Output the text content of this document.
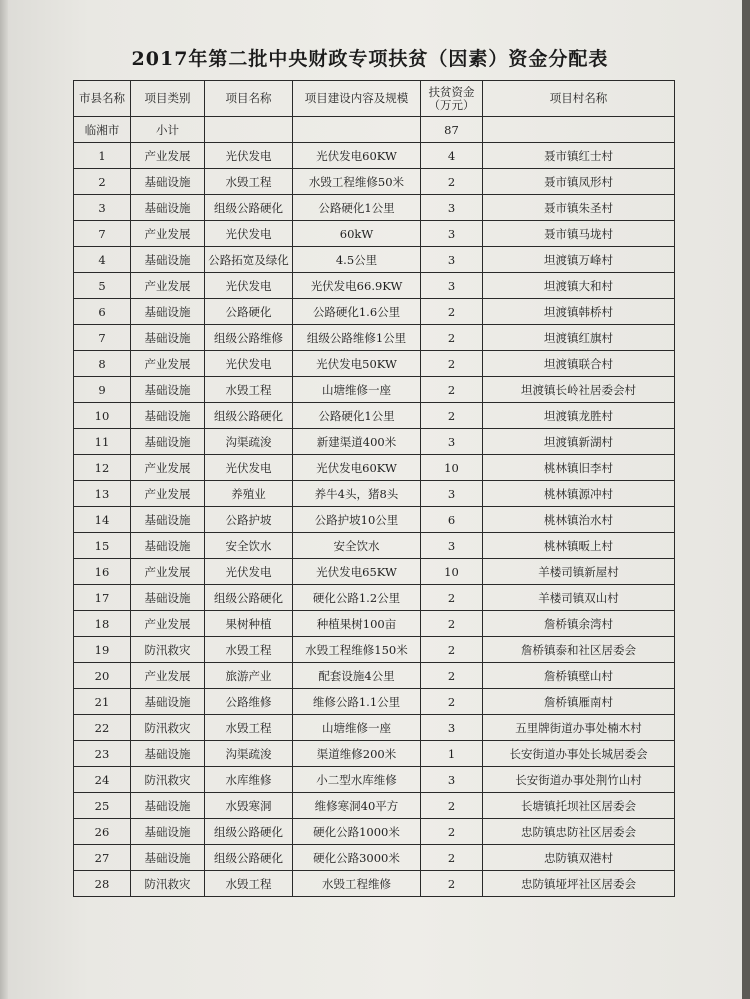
2017年第二批中央财政专项扶贫（因素）资金分配表
市县名称	项目类别	项目名称	项目建设内容及规模	扶贫资金（万元）	项目村名称
临湘市	小计			87	
1	产业发展	光伏发电	光伏发电60KW	4	聂市镇红士村
2	基础设施	水毁工程	水毁工程维修50米	2	聂市镇凤形村
3	基础设施	组级公路硬化	公路硬化1公里	3	聂市镇朱圣村
7	产业发展	光伏发电	60kW	3	聂市镇马垅村
4	基础设施	公路拓宽及绿化	4.5公里	3	坦渡镇万峰村
5	产业发展	光伏发电	光伏发电66.9KW	3	坦渡镇大和村
6	基础设施	公路硬化	公路硬化1.6公里	2	坦渡镇韩桥村
7	基础设施	组级公路维修	组级公路维修1公里	2	坦渡镇红旗村
8	产业发展	光伏发电	光伏发电50KW	2	坦渡镇联合村
9	基础设施	水毁工程	山塘维修一座	2	坦渡镇长岭社居委会村
10	基础设施	组级公路硬化	公路硬化1公里	2	坦渡镇龙胜村
11	基础设施	沟渠疏浚	新建渠道400米	3	坦渡镇新湖村
12	产业发展	光伏发电	光伏发电60KW	10	桃林镇旧李村
13	产业发展	养殖业	养牛4头，猪8头	3	桃林镇源冲村
14	基础设施	公路护坡	公路护坡10公里	6	桃林镇治水村
15	基础设施	安全饮水	安全饮水	3	桃林镇畈上村
16	产业发展	光伏发电	光伏发电65KW	10	羊楼司镇新屋村
17	基础设施	组级公路硬化	硬化公路1.2公里	2	羊楼司镇双山村
18	产业发展	果树种植	种植果树100亩	2	詹桥镇余湾村
19	防汛救灾	水毁工程	水毁工程维修150米	2	詹桥镇泰和社区居委会
20	产业发展	旅游产业	配套设施4公里	2	詹桥镇壁山村
21	基础设施	公路维修	维修公路1.1公里	2	詹桥镇雁南村
22	防汛救灾	水毁工程	山塘维修一座	3	五里牌街道办事处楠木村
23	基础设施	沟渠疏浚	渠道维修200米	1	长安街道办事处长城居委会
24	防汛救灾	水库维修	小二型水库维修	3	长安街道办事处荆竹山村
25	基础设施	水毁寒洞	维修寒洞40平方	2	长塘镇托坝社区居委会
26	基础设施	组级公路硬化	硬化公路1000米	2	忠防镇忠防社区居委会
27	基础设施	组级公路硬化	硬化公路3000米	2	忠防镇双港村
28	防汛救灾	水毁工程	水毁工程维修	2	忠防镇垭坪社区居委会
